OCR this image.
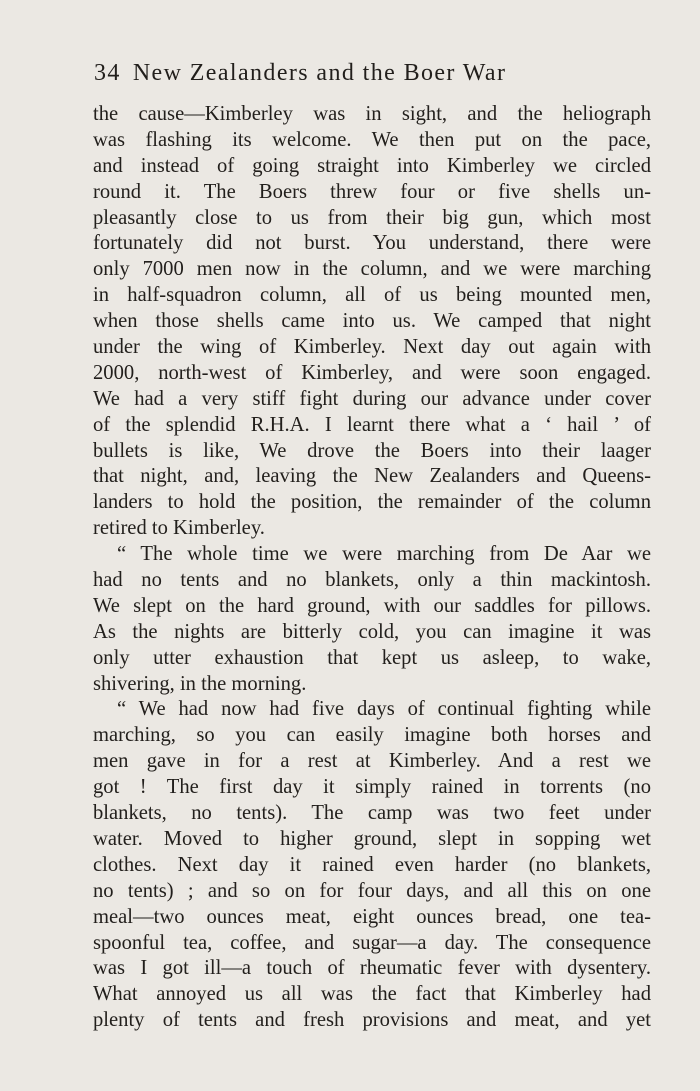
34 New Zealanders and the Boer War
the cause—Kimberley was in sight, and the heliograph
was flashing its welcome. We then put on the pace,
and instead of going straight into Kimberley we circled
round it. The Boers threw four or five shells un-
pleasantly close to us from their big gun, which most
fortunately did not burst. You understand, there were
only 7000 men now in the column, and we were marching
in half-squadron column, all of us being mounted men,
when those shells came into us. We camped that night
under the wing of Kimberley. Next day out again with
2000, north-west of Kimberley, and were soon engaged.
We had a very stiff fight during our advance under cover
of the splendid R.H.A. I learnt there what a ‘ hail ’ of
bullets is like, We drove the Boers into their laager
that night, and, leaving the New Zealanders and Queens-
landers to hold the position, the remainder of the column
retired to Kimberley.
“ The whole time we were marching from De Aar we
had no tents and no blankets, only a thin mackintosh.
We slept on the hard ground, with our saddles for pillows.
As the nights are bitterly cold, you can imagine it was
only utter exhaustion that kept us asleep, to wake,
shivering, in the morning.
“ We had now had five days of continual fighting while
marching, so you can easily imagine both horses and
men gave in for a rest at Kimberley. And a rest we
got ! The first day it simply rained in torrents (no
blankets, no tents). The camp was two feet under
water. Moved to higher ground, slept in sopping wet
clothes. Next day it rained even harder (no blankets,
no tents) ; and so on for four days, and all this on one
meal—two ounces meat, eight ounces bread, one tea-
spoonful tea, coffee, and sugar—a day. The consequence
was I got ill—a touch of rheumatic fever with dysentery.
What annoyed us all was the fact that Kimberley had
plenty of tents and fresh provisions and meat, and yet
